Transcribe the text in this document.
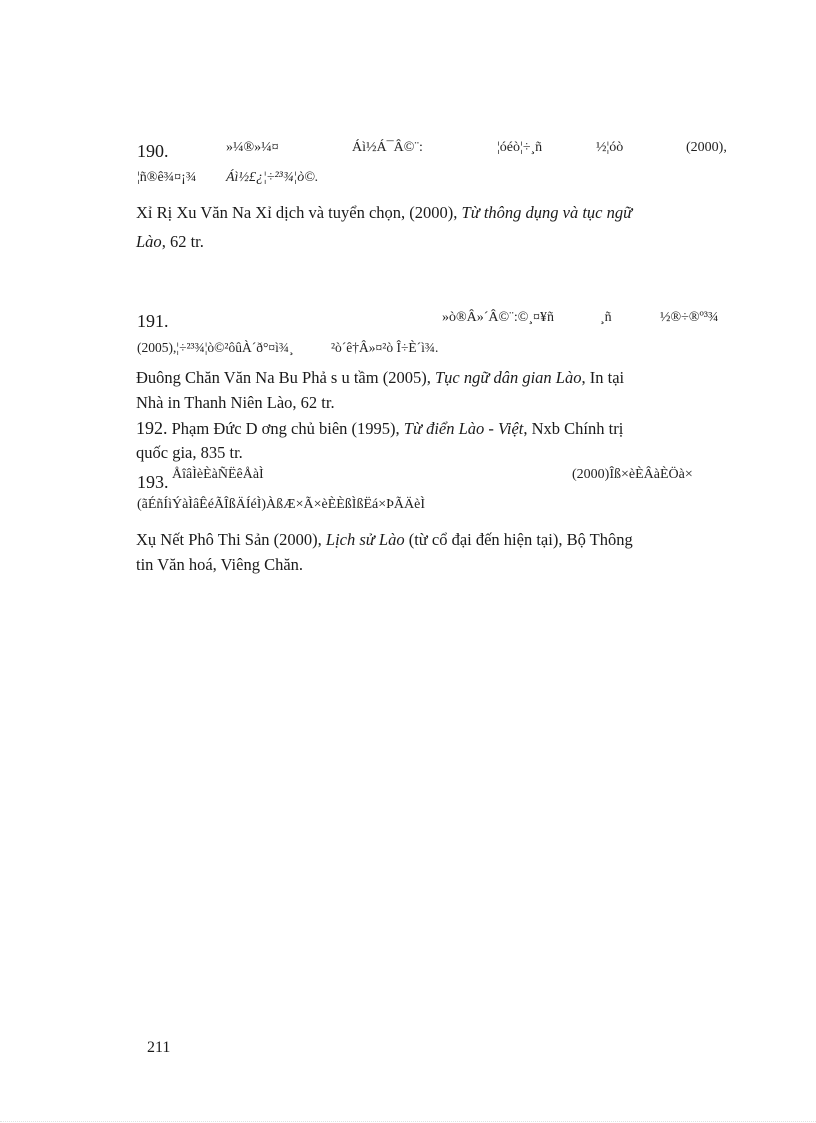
190.	»¼®»¼¤	Áì½Á¯Â©¨:	¦óéò¦÷¸ñ	½¦óò	(2000),
¦ñ®ê¾¤¡¾ Áì½£¿¦÷²³¾¦ò©.
Xỉ Rị Xu Văn Na Xỉ dịch và tuyển chọn, (2000), Từ thông dụng và tục ngữ
Lào, 62 tr.
191.	»ò®Â»´Â©¨:©¸¤¥ñ	¸ñ	½®÷®º³¾
(2005),¦÷²³¾¦ò©²ôûÀ´ð°¤ì¾¸	²ò´ê†Â»¤²ò Î÷È´ì¾.
Đuông Chăn Văn Na Bu Phả s u tầm (2005), Tục ngữ dân gian Lào, In tại
Nhà in Thanh Niên Lào, 62 tr.
192. Phạm Đức D ơng chủ biên (1995), Từ điển Lào - Việt, Nxb Chính trị
quốc gia, 835 tr.
193. ÅîâÌèÈàÑËêÅàÌ	(2000)Îß×èÈÂàÈÖà×
(ãÉñÍìÝàÌâÊéÃÎßÄÍéÌ)ÀßÆ×Ã×èÈÈßÌßËá×ÞÃÄèÌ
Xụ Nết Phô Thi Sản (2000), Lịch sử Lào (từ cổ đại đến hiện tại), Bộ Thông
tin Văn hoá, Viêng Chăn.
211
